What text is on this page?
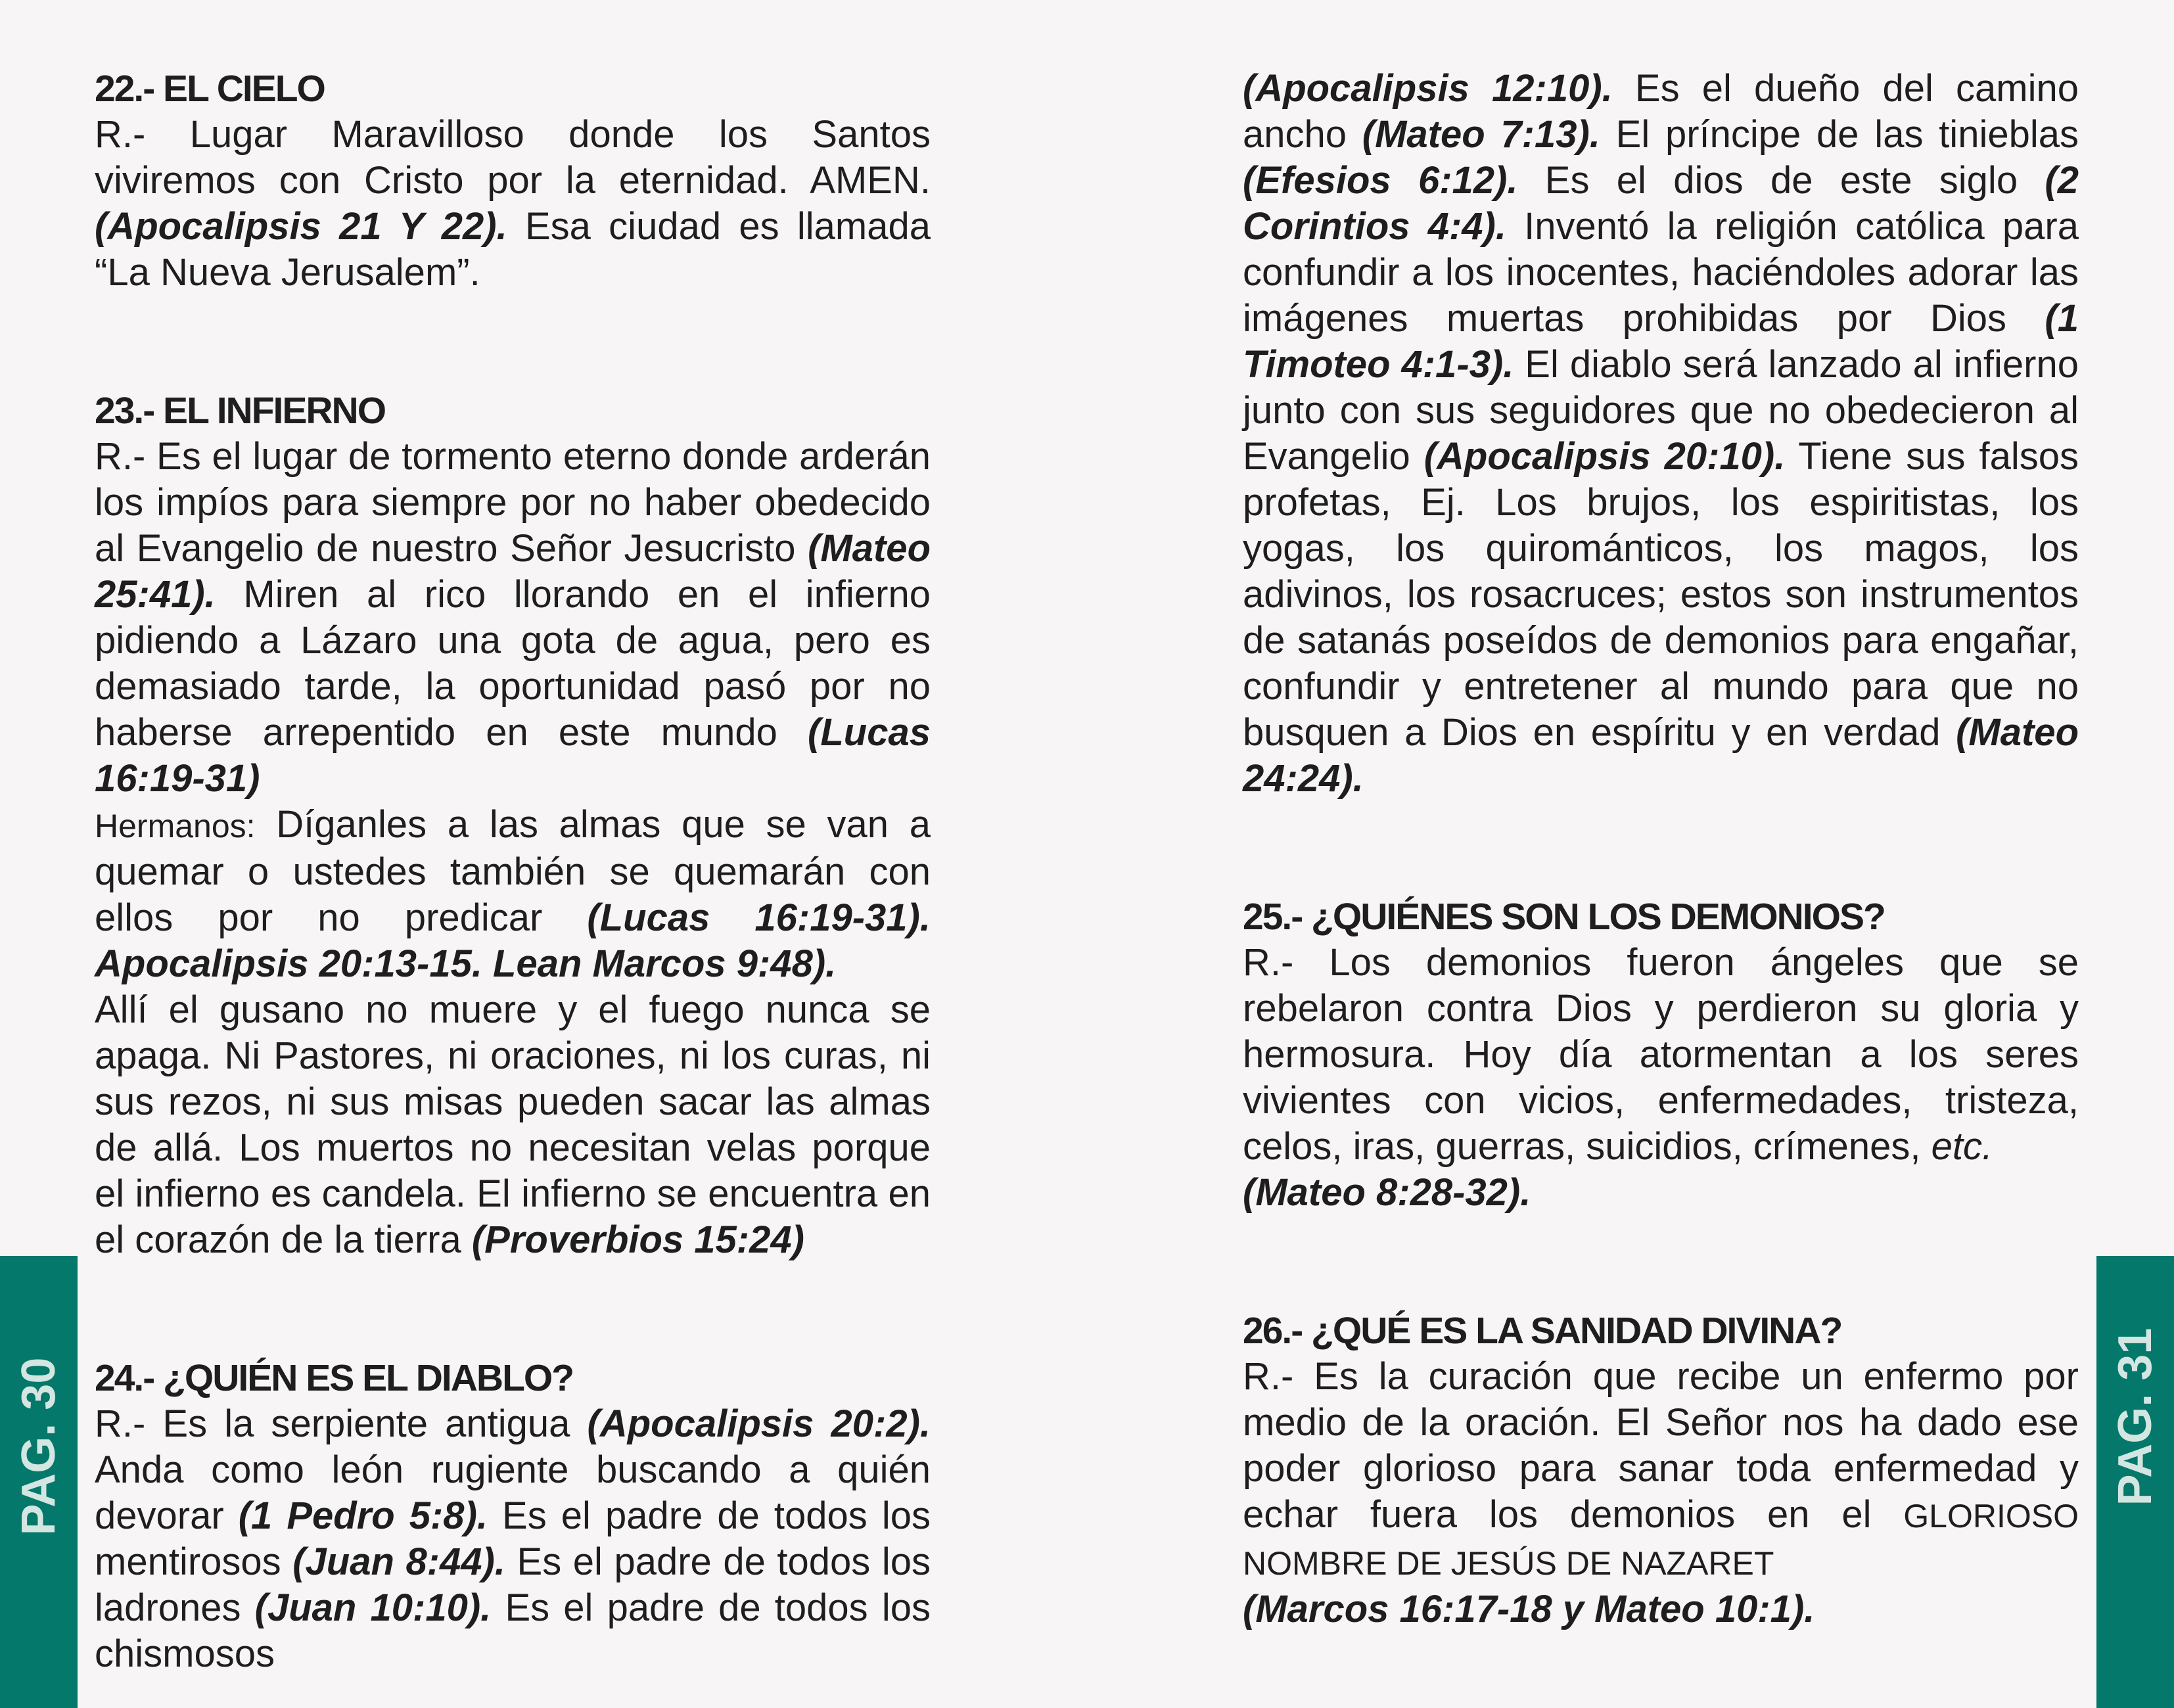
22.- EL CIELO

R.- Lugar Maravilloso donde los Santos viviremos con Cristo por la eternidad. AMEN. (Apocalipsis 21 Y 22). Esa ciudad es llamada “La Nueva Jerusalem”.

23.- EL INFIERNO

R.- Es el lugar de tormento eterno donde arderán los impíos para siempre por no haber obedecido al Evangelio de nuestro Señor Jesucristo (Mateo 25:41). Miren al rico llorando en el infierno pidiendo a Lázaro una gota de agua, pero es demasiado tarde, la oportunidad pasó por no haberse arrepentido en este mundo (Lucas 16:19-31)

Hermanos: Díganles a las almas que se van a quemar o ustedes también se quemarán con ellos por no predicar (Lucas 16:19-31). Apocalipsis 20:13-15. Lean Marcos 9:48).

Allí el gusano no muere y el fuego nunca se apaga. Ni Pastores, ni oraciones, ni los curas, ni sus rezos, ni sus misas pueden sacar las almas de allá. Los muertos no necesitan velas porque el infierno es candela. El infierno se encuentra en el corazón de la tierra (Proverbios 15:24)

24.- ¿QUIÉN ES EL DIABLO?

R.- Es la serpiente antigua (Apocalipsis 20:2). Anda como león rugiente buscando a quién devorar (1 Pedro 5:8). Es el padre de todos los mentirosos (Juan 8:44). Es el padre de todos los ladrones (Juan 10:10). Es el padre de todos los chismosos

(Apocalipsis 12:10). Es el dueño del camino ancho (Mateo 7:13). El príncipe de las tinieblas (Efesios 6:12). Es el dios de este siglo (2 Corintios 4:4). Inventó la religión católica para confundir a los inocentes, haciéndoles adorar las imágenes muertas prohibidas por Dios (1 Timoteo 4:1-3). El diablo será lanzado al infierno junto con sus seguidores que no obedecieron al Evangelio (Apocalipsis 20:10). Tiene sus falsos profetas, Ej. Los brujos, los espiritistas, los yogas, los quirománticos, los magos, los adivinos, los rosacruces; estos son instrumentos de satanás poseídos de demonios para engañar, confundir y entretener al mundo para que no busquen a Dios en espíritu y en verdad (Mateo 24:24).

25.- ¿QUIÉNES SON LOS DEMONIOS?

R.- Los demonios fueron ángeles que se rebelaron contra Dios y perdieron su gloria y hermosura. Hoy día atormentan a los seres vivientes con vicios, enfermedades, tristeza, celos, iras, guerras, suicidios, crímenes, etc.

(Mateo 8:28-32).

26.- ¿QUÉ ES LA SANIDAD DIVINA?

R.- Es la curación que recibe un enfermo por medio de la oración. El Señor nos ha dado ese poder glorioso para sanar toda enfermedad y echar fuera los demonios en el GLORIOSO NOMBRE DE JESÚS DE NAZARET

(Marcos 16:17-18 y Mateo 10:1).

PAG. 30	PAG. 31
